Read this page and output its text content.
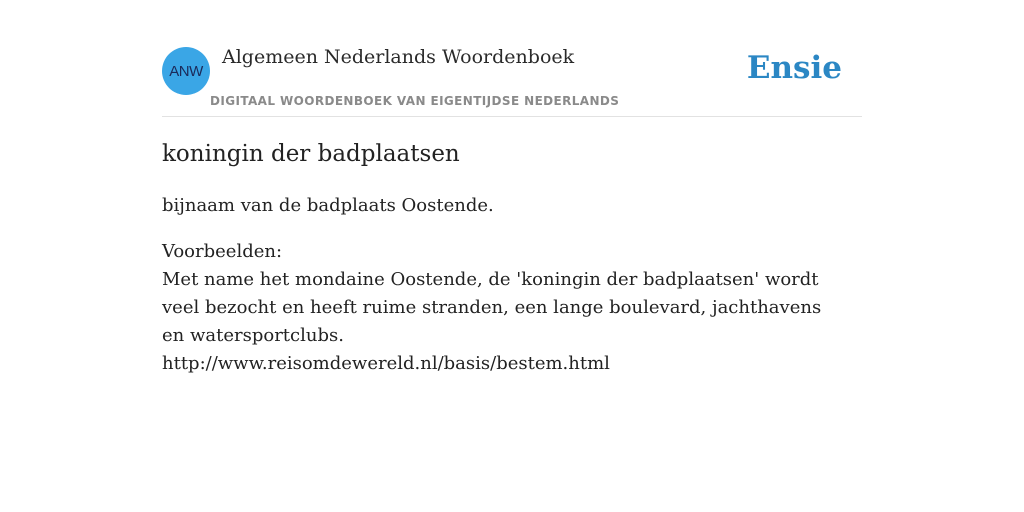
ANW
Algemeen Nederlands Woordenboek
DIGITAAL WOORDENBOEK VAN EIGENTIJDSE NEDERLANDS
Ensie
koningin der badplaatsen

bijnaam van de badplaats Oostende.

Voorbeelden:
Met name het mondaine Oostende, de 'koningin der badplaatsen' wordt veel bezocht en heeft ruime stranden, een lange boulevard, jachthavens en watersportclubs.
http://www.reisomdewereld.nl/basis/bestem.html
